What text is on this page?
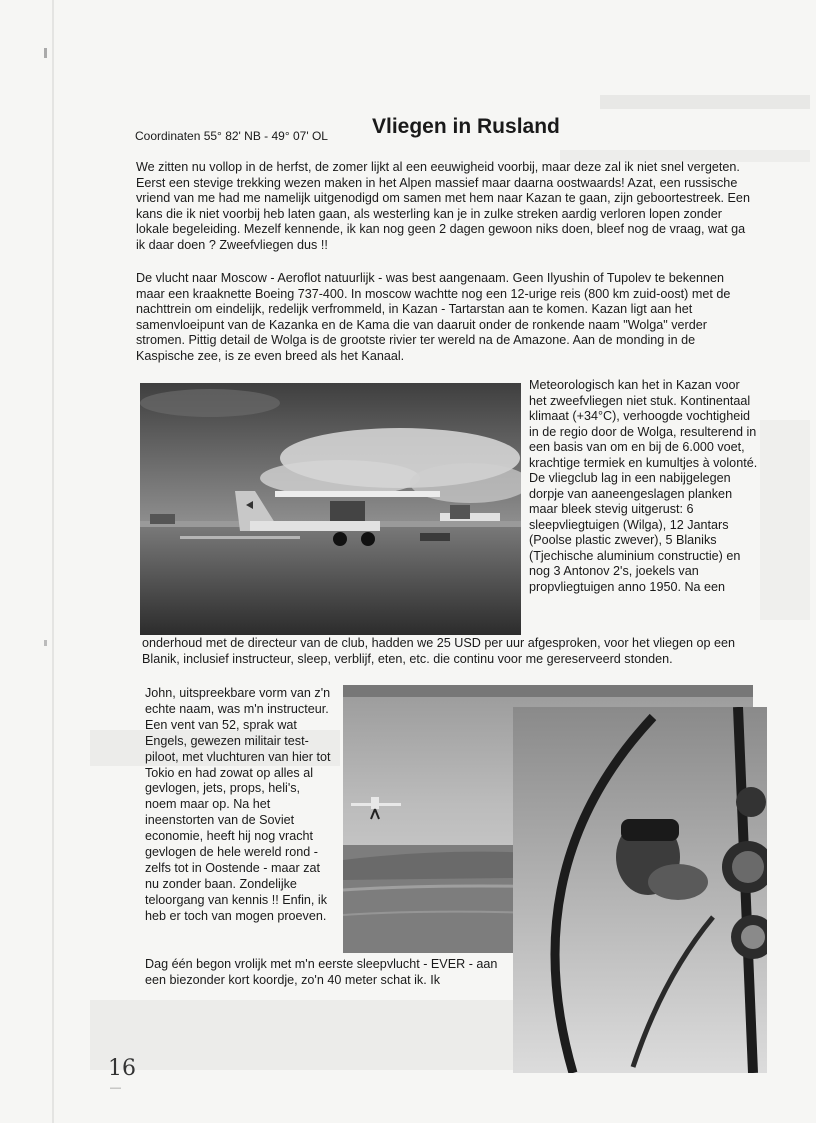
Coordinaten 55° 82' NB - 49° 07' OL Vliegen in Rusland

We zitten nu vollop in de herfst, de zomer lijkt al een eeuwigheid voorbij, maar deze zal ik niet snel vergeten. Eerst een stevige trekking wezen maken in het Alpen massief maar daarna oostwaards! Azat, een russische vriend van me had me namelijk uitgenodigd om samen met hem naar Kazan te gaan, zijn geboortestreek. Een kans die ik niet voorbij heb laten gaan, als westerling kan je in zulke streken aardig verloren lopen zonder lokale begeleiding. Mezelf kennende, ik kan nog geen 2 dagen gewoon niks doen, bleef nog de vraag, wat ga ik daar doen ? Zweefvliegen dus !!

De vlucht naar Moscow - Aeroflot natuurlijk - was best aangenaam. Geen Ilyushin of Tupolev te bekennen maar een kraaknette Boeing 737-400. In moscow wachtte nog een 12-urige reis (800 km zuid-oost) met de nachttrein om eindelijk, redelijk verfrommeld, in Kazan - Tartarstan aan te komen. Kazan ligt aan het samenvloeipunt van de Kazanka en de Kama die van daaruit onder de ronkende naam "Wolga" verder stromen. Pittig detail de Wolga is de grootste rivier ter wereld na de Amazone. Aan de monding in de Kaspische zee, is ze even breed als het Kanaal.

Meteorologisch kan het in Kazan voor het zweefvliegen niet stuk. Kontinentaal klimaat (+34°C), verhoogde vochtigheid in de regio door de Wolga, resulterend in een basis van om en bij de 6.000 voet, krachtige termiek en kumultjes à volonté. De vliegclub lag in een nabijgelegen dorpje van aaneengeslagen planken maar bleek stevig uitgerust: 6 sleepvliegtuigen (Wilga), 12 Jantars (Poolse plastic zwever), 5 Blaniks (Tjechische aluminium constructie) en nog 3 Antonov 2's, joekels van propvliegtuigen anno 1950. Na een

onderhoud met de directeur van de club, hadden we 25 USD per uur afgesproken, voor het vliegen op een Blanik, inclusief instructeur, sleep, verblijf, eten, etc. die continu voor me gereserveerd stonden.

John, uitspreekbare vorm van z'n echte naam, was m'n instructeur. Een vent van 52, sprak wat Engels, gewezen militair test-piloot, met vluchturen van hier tot Tokio en had zowat op alles al gevlogen, jets, props, heli's, noem maar op. Na het ineenstorten van de Soviet economie, heeft hij nog vracht gevlogen de hele wereld rond - zelfs tot in Oostende - maar zat nu zonder baan. Zondelijke teloorgang van kennis !! Enfin, ik heb er toch van mogen proeven.

Dag één begon vrolijk met m'n eerste sleepvlucht - EVER - aan een biezonder kort koordje, zo'n 40 meter schat ik. Ik

16
—
